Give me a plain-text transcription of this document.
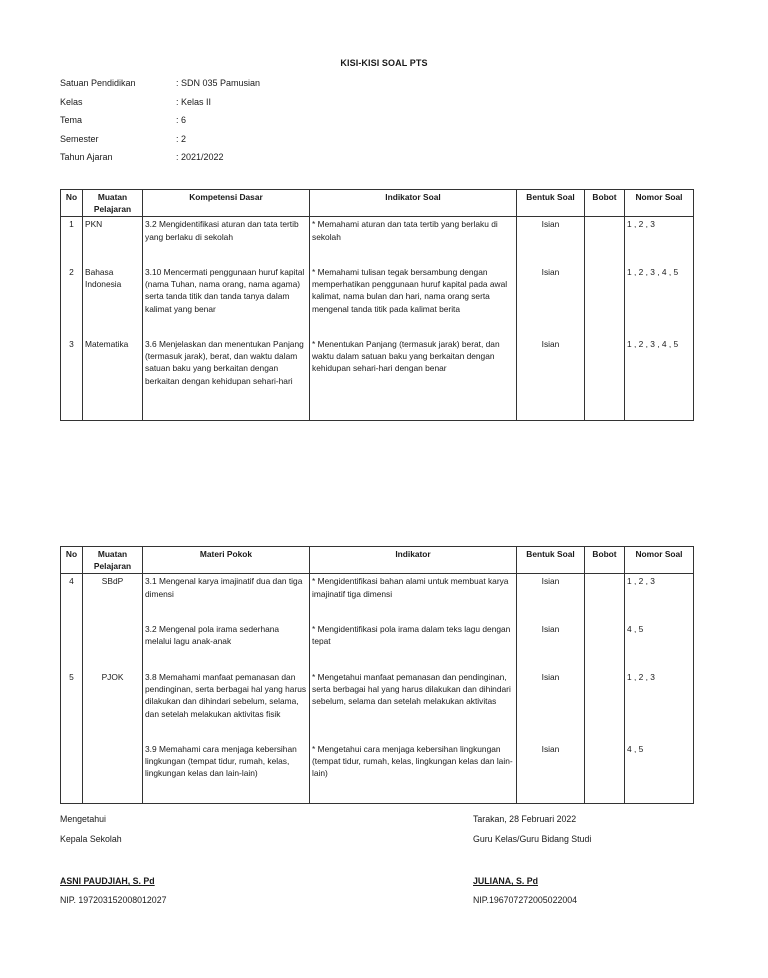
KISI-KISI SOAL PTS
Satuan Pendidikan	: SDN 035 Pamusian
Kelas	: Kelas II
Tema	: 6
Semester	: 2
Tahun Ajaran	: 2021/2022
No	Muatan Pelajaran	Kompetensi Dasar	Indikator Soal	Bentuk Soal	Bobot	Nomor Soal
1	PKN	3.2 Mengidentifikasi aturan dan tata tertib yang berlaku di sekolah	* Memahami aturan dan tata tertib yang berlaku di sekolah	Isian		1 , 2 , 3
2	Bahasa Indonesia	3.10 Mencermati penggunaan huruf kapital (nama Tuhan, nama orang, nama agama) serta tanda titik dan tanda tanya dalam kalimat yang benar	* Memahami tulisan tegak bersambung dengan memperhatikan penggunaan huruf kapital pada awal kalimat, nama bulan dan hari, nama orang serta mengenal tanda titik pada kalimat berita	Isian		1 , 2 , 3 , 4 , 5
3	Matematika	3.6 Menjelaskan dan menentukan Panjang (termasuk jarak), berat, dan waktu dalam satuan baku yang berkaitan dengan berkaitan dengan kehidupan sehari-hari	* Menentukan Panjang (termasuk jarak) berat, dan waktu dalam satuan baku yang berkaitan dengan kehidupan sehari-hari dengan benar	Isian		1 , 2 , 3 , 4 , 5
No	Muatan Pelajaran	Materi Pokok	Indikator	Bentuk Soal	Bobot	Nomor Soal
4	SBdP	3.1 Mengenal karya imajinatif dua dan tiga dimensi	* Mengidentifikasi bahan alami untuk membuat karya imajinatif tiga dimensi	Isian		1 , 2 , 3
		3.2 Mengenal pola irama sederhana melalui lagu anak-anak	* Mengidentifikasi pola irama dalam teks lagu dengan tepat	Isian		4 , 5
5	PJOK	3.8 Memahami manfaat pemanasan dan pendinginan, serta berbagai hal yang harus dilakukan dan dihindari sebelum, selama, dan setelah melakukan aktivitas fisik	* Mengetahui manfaat pemanasan dan pendinginan, serta berbagai hal yang harus dilakukan dan dihindari sebelum, selama dan setelah melakukan aktivitas	Isian		1 , 2 , 3
		3.9 Memahami cara menjaga kebersihan lingkungan (tempat tidur, rumah, kelas, lingkungan kelas dan lain-lain)	* Mengetahui cara menjaga kebersihan lingkungan (tempat tidur, rumah, kelas, lingkungan kelas dan lain-lain)	Isian		4 , 5
Mengetahui
Kepala Sekolah
ASNI PAUDJIAH, S. Pd
NIP. 197203152008012027
Tarakan, 28 Februari 2022
Guru Kelas/Guru Bidang Studi
JULIANA, S. Pd
NIP.196707272005022004
